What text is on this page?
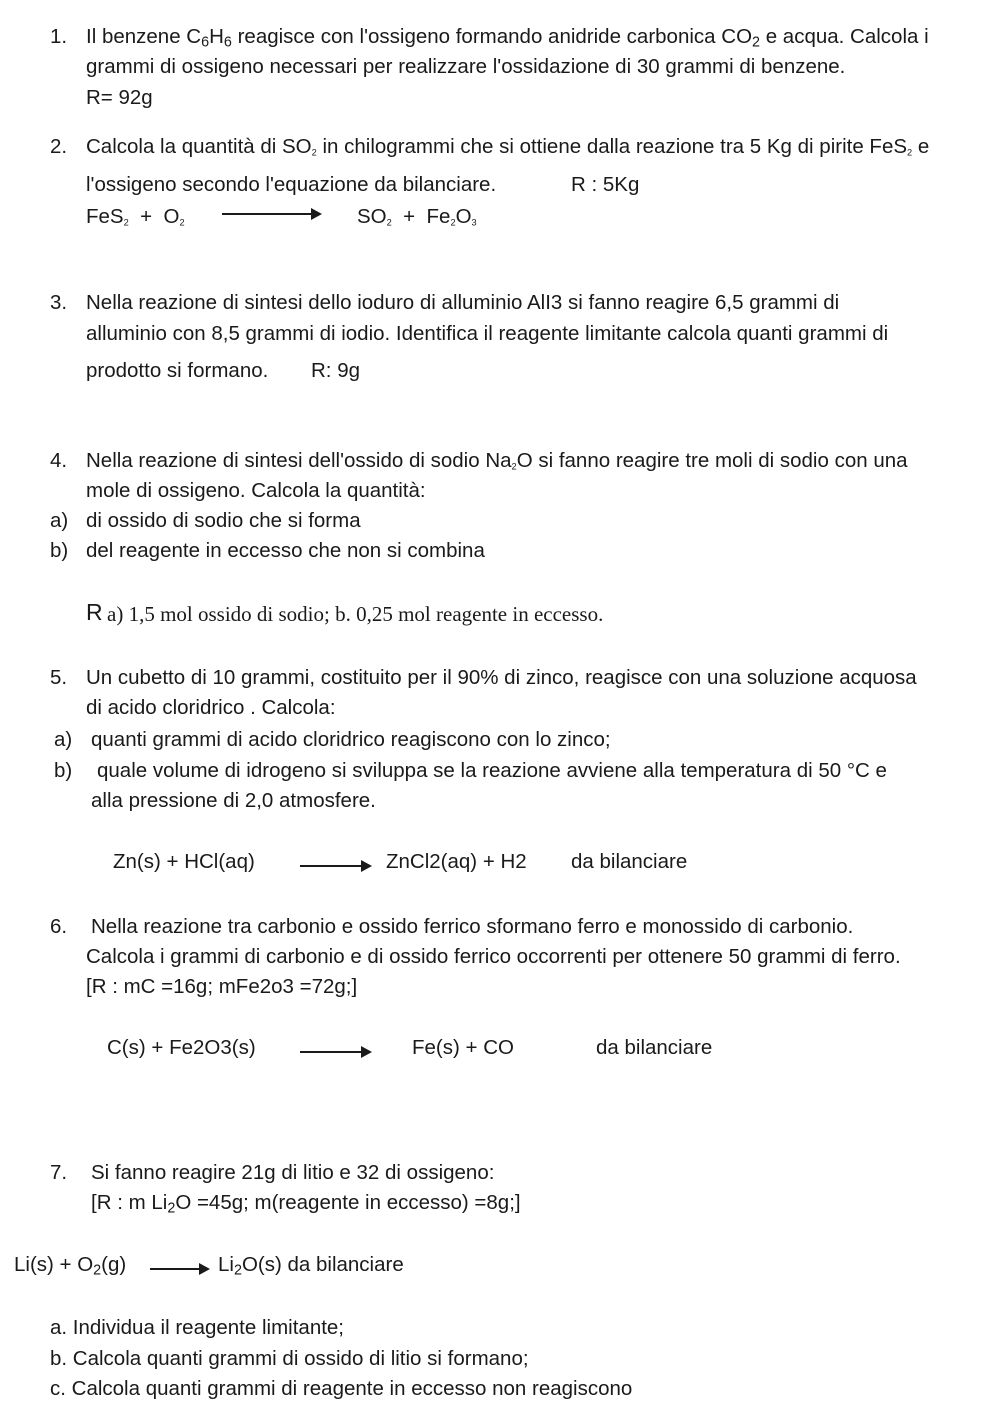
1. Il benzene $C_6H_6$ reagisce con l'ossigeno formando anidride carbonica $CO_2$ e acqua. Calcola i
grammi di ossigeno necessari per realizzare l'ossidazione di 30 grammi di benzene.
R= 92g
2. Calcola la quantità di $SO_2$ in chilogrammi che si ottiene dalla reazione tra 5 Kg di pirite FeS$_2$ e
l'ossigeno secondo l'equazione da bilanciare.	R : 5Kg
$FeS_2 + O_2$	$SO_2 + Fe_2O_3$
3. Nella reazione di sintesi dello ioduro di alluminio AlI3 si fanno reagire 6,5 grammi di
alluminio con 8,5 grammi di iodio. Identifica il reagente limitante calcola quanti grammi di
prodotto si formano. R: 9g
4. Nella reazione di sintesi dell'ossido di sodio $Na_2O$ si fanno reagire tre moli di sodio con una
mole di ossigeno. Calcola la quantità:
a) di ossido di sodio che si forma
b) del reagente in eccesso che non si combina
R a) 1,5 mol ossido di sodio; b. 0,25 mol reagente in eccesso.
5. Un cubetto di 10 grammi, costituito per il 90% di zinco, reagisce con una soluzione acquosa
di acido cloridrico . Calcola:
a) quanti grammi di acido cloridrico reagiscono con lo zinco;
b) quale volume di idrogeno si sviluppa se la reazione avviene alla temperatura di 50 °C e
alla pressione di 2,0 atmosfere.
Zn(s) + HCl(aq) → ZnCl2(aq) + H2 da bilanciare
6. Nella reazione tra carbonio e ossido ferrico sformano ferro e monossido di carbonio.
Calcola i grammi di carbonio e di ossido ferrico occorrenti per ottenere 50 grammi di ferro.
[R : mC =16g; mFe2o3 =72g;]
C(s) + Fe2O3(s)	Fe(s) + CO	da bilanciare
7. Si fanno reagire 21g di litio e 32 di ossigeno:
[R : m $Li_2O =45g$; m(reagente in eccesso) =8g;]
$Li(s) + O_2(g) \to Li_2O(s)$ da bilanciare
a. Individua il reagente limitante;
b. Calcola quanti grammi di ossido di litio si formano;
c. Calcola quanti grammi di reagente in eccesso non reagiscono
